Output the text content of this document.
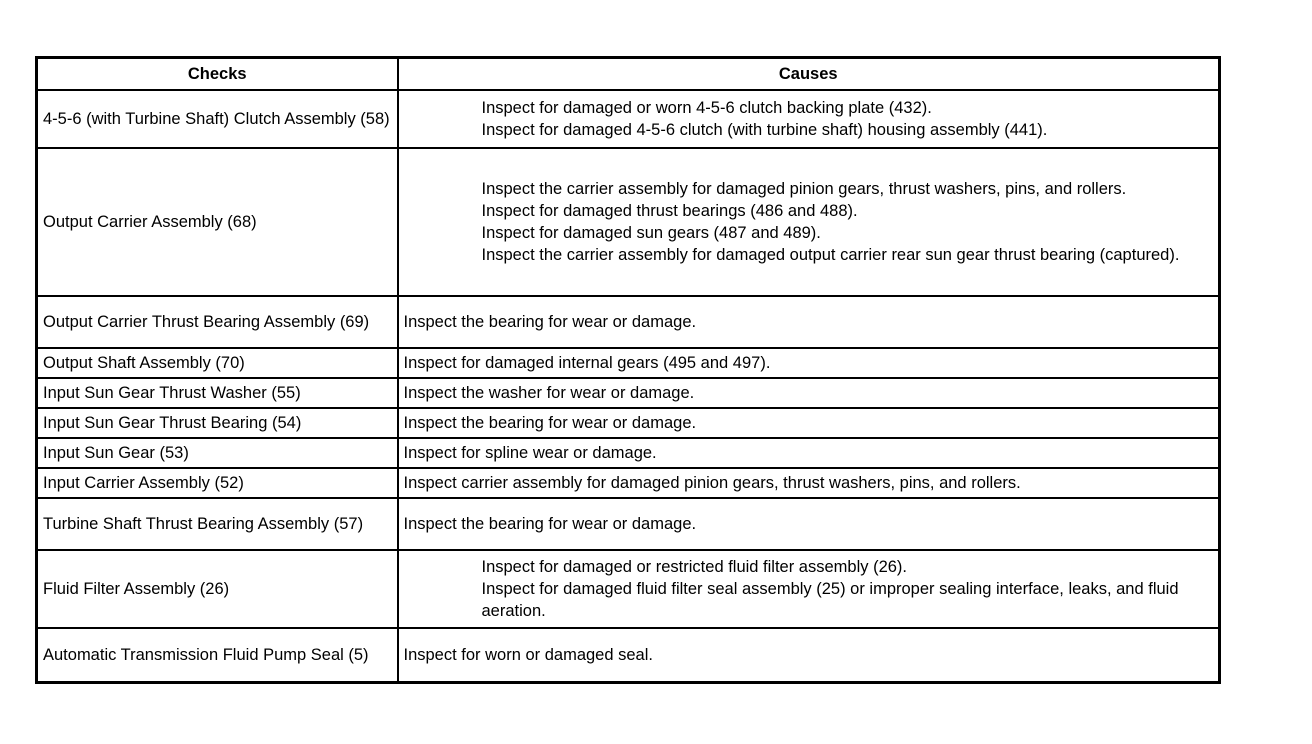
Checks	Causes
4-5-6 (with Turbine Shaft) Clutch Assembly (58)	Inspect for damaged or worn 4-5-6 clutch backing plate (432).
Inspect for damaged 4-5-6 clutch (with turbine shaft) housing assembly (441).

Output Carrier Assembly (68)	Inspect the carrier assembly for damaged pinion gears, thrust washers, pins, and rollers.
Inspect for damaged thrust bearings (486 and 488).
Inspect for damaged sun gears (487 and 489).
Inspect the carrier assembly for damaged output carrier rear sun gear thrust bearing (captured).

Output Carrier Thrust Bearing Assembly (69)	Inspect the bearing for wear or damage.
Output Shaft Assembly (70)	Inspect for damaged internal gears (495 and 497).
Input Sun Gear Thrust Washer (55)	Inspect the washer for wear or damage.
Input Sun Gear Thrust Bearing (54)	Inspect the bearing for wear or damage.
Input Sun Gear (53)	Inspect for spline wear or damage.
Input Carrier Assembly (52)	Inspect carrier assembly for damaged pinion gears, thrust washers, pins, and rollers.
Turbine Shaft Thrust Bearing Assembly (57)	Inspect the bearing for wear or damage.
Fluid Filter Assembly (26)	Inspect for damaged or restricted fluid filter assembly (26).
Inspect for damaged fluid filter seal assembly (25) or improper sealing interface, leaks, and fluid aeration.

Automatic Transmission Fluid Pump Seal (5)	Inspect for worn or damaged seal.
